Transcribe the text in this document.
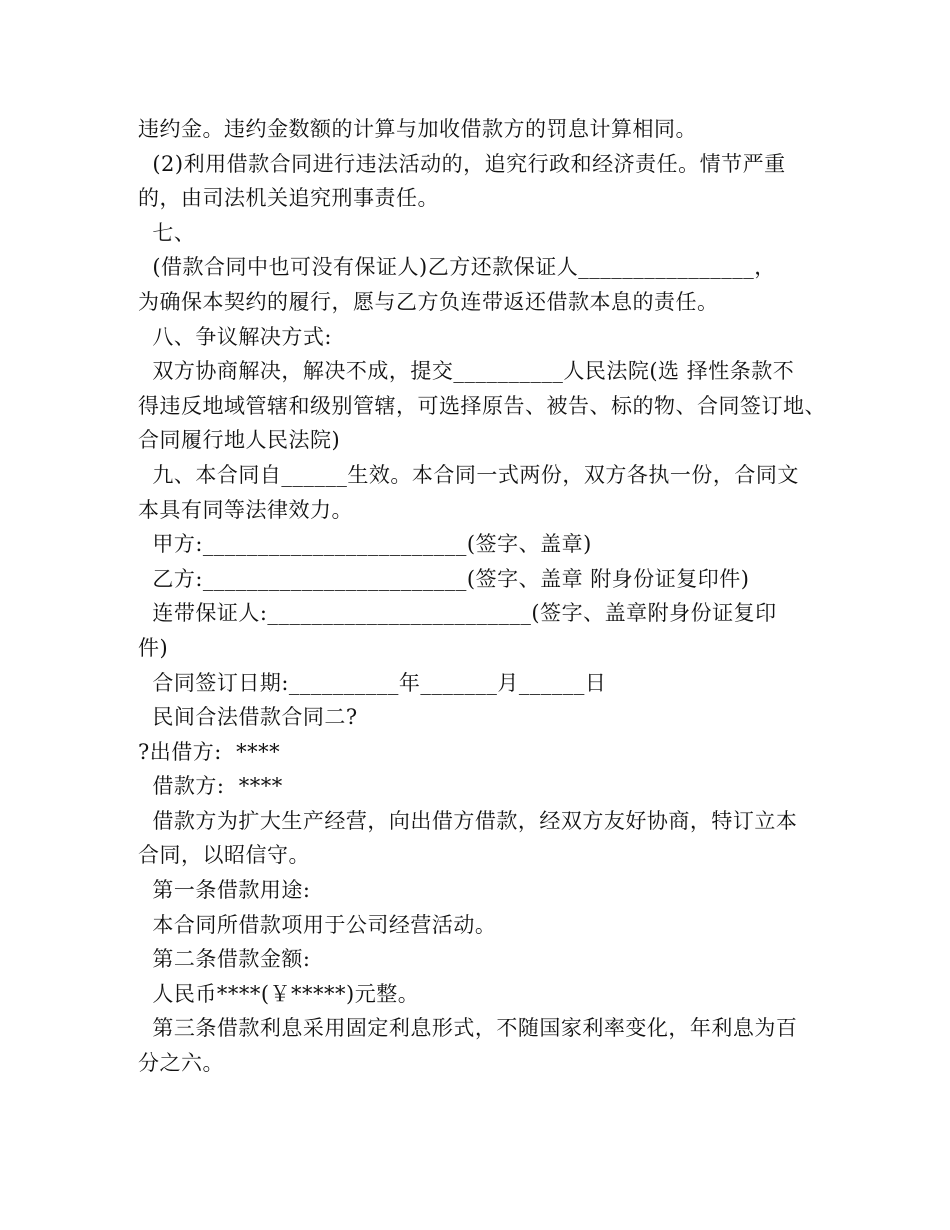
违约金。违约金数额的计算与加收借款方的罚息计算相同。

(2)利用借款合同进行违法活动的，追究行政和经济责任。情节严重

的，由司法机关追究刑事责任。

七、

(借款合同中也可没有保证人)乙方还款保证人________________，

为确保本契约的履行，愿与乙方负连带返还借款本息的责任。

八、争议解决方式:

双方协商解决，解决不成，提交__________人民法院(选 择性条款不

得违反地域管辖和级别管辖，可选择原告、被告、标的物、合同签订地、

合同履行地人民法院)

九、本合同自______生效。本合同一式两份，双方各执一份，合同文

本具有同等法律效力。

甲方:________________________(签字、盖章)

乙方:________________________(签字、盖章 附身份证复印件)

连带保证人:________________________(签字、盖章附身份证复印

件)

合同签订日期:__________年_______月______日

民间合法借款合同二?

?出借方:  ****

借款方:  ****

借款方为扩大生产经营，向出借方借款，经双方友好协商，特订立本

合同，以昭信守。

第一条借款用途:

本合同所借款项用于公司经营活动。

第二条借款金额:

人民币****(￥*****)元整。

第三条借款利息采用固定利息形式，不随国家利率变化，年利息为百

分之六。
